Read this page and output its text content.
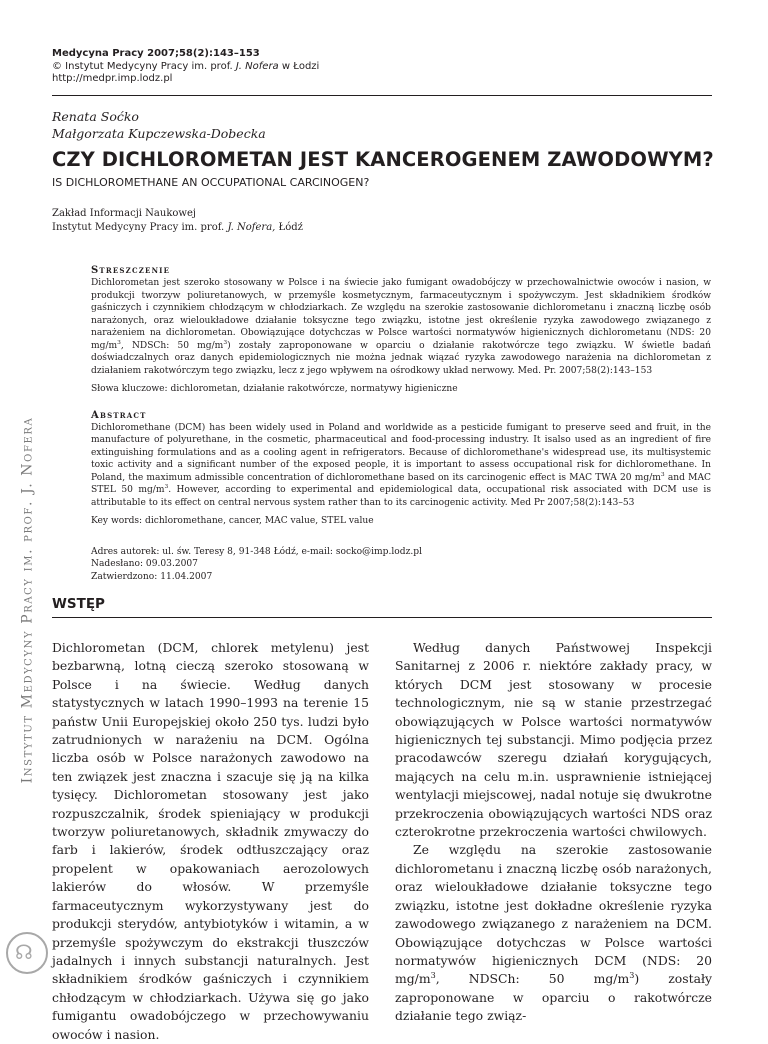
Medycyna Pracy 2007;58(2):143–153
© Instytut Medycyny Pracy im. prof. J. Nofera w Łodzi
http://medpr.imp.lodz.pl
Renata Soćko
Małgorzata Kupczewska-Dobecka
CZY DICHLOROMETAN JEST KANCEROGENEM ZAWODOWYM?
IS DICHLOROMETHANE AN OCCUPATIONAL CARCINOGEN?
Zakład Informacji Naukowej
Instytut Medycyny Pracy im. prof. J. Nofera, Łódź
Instytut Medycyny Pracy im. prof. J. Nofera
Streszczenie

Dichlorometan jest szeroko stosowany w Polsce i na świecie jako fumigant owadobójczy w przechowalnictwie owoców i nasion, w produkcji tworzyw poliuretanowych, w przemyśle kosmetycznym, farmaceutycznym i spożywczym. Jest składnikiem środków gaśniczych i czynnikiem chłodzącym w chłodziarkach. Ze względu na szerokie zastosowanie dichlorometanu i znaczną liczbę osób narażonych, oraz wieloukładowe działanie toksyczne tego związku, istotne jest określenie ryzyka zawodowego związanego z narażeniem na dichlorometan. Obowiązujące dotychczas w Polsce wartości normatywów higienicznych dichlorometanu (NDS: 20 $mg/m^3$, NDSCh: 50 $mg/m^3$) zostały zaproponowane w oparciu o działanie rakotwórcze tego związku. W świetle badań doświadczalnych oraz danych epidemiologicznych nie można jednak wiązać ryzyka zawodowego narażenia na dichlorometan z działaniem rakotwórczym tego związku, lecz z jego wpływem na ośrodkowy układ nerwowy. Med. Pr. 2007;58(2):143–153

Słowa kluczowe: dichlorometan, działanie rakotwórcze, normatywy higieniczne
Abstract

Dichloromethane (DCM) has been widely used in Poland and worldwide as a pesticide fumigant to preserve seed and fruit, in the manufacture of polyurethane, in the cosmetic, pharmaceutical and food-processing industry. It isalso used as an ingredient of fire extinguishing formulations and as a cooling agent in refrigerators. Because of dichloromethane's widespread use, its multisystemic toxic activity and a significant number of the exposed people, it is important to assess occupational risk for dichloromethane. In Poland, the maximum admissible concentration of dichloromethane based on its carcinogenic effect is MAC TWA 20 $mg/m^3$ and MAC STEL 50 $mg/m^3$. However, according to experimental and epidemiological data, occupational risk associated with DCM use is attributable to its effect on central nervous system rather than to its carcinogenic activity. Med Pr 2007;58(2):143–53

Key words: dichloromethane, cancer, MAC value, STEL value
Adres autorek: ul. św. Teresy 8, 91-348 Łódź, e-mail: socko@imp.lodz.pl
Nadesłano: 09.03.2007
Zatwierdzono: 11.04.2007
WSTĘP

Dichlorometan (DCM, chlorek metylenu) jest bezbarwną, lotną cieczą szeroko stosowaną w Polsce i na świecie. Według danych statystycznych w latach 1990–1993 na terenie 15 państw Unii Europejskiej około 250 tys. ludzi było zatrudnionych w narażeniu na DCM. Ogólna liczba osób w Polsce narażonych zawodowo na ten związek jest znaczna i szacuje się ją na kilka tysięcy. Dichlorometan stosowany jest jako rozpuszczalnik, środek spieniający w produkcji tworzyw poliuretanowych, składnik zmywaczy do farb i lakierów, środek odtłuszczający oraz propelent w opakowaniach aerozolowych lakierów do włosów. W przemyśle farmaceutycznym wykorzystywany jest do produkcji sterydów, antybiotyków i witamin, a w przemyśle spożywczym do ekstrakcji tłuszczów jadalnych i innych substancji naturalnych. Jest składnikiem środków gaśniczych i czynnikiem chłodzącym w chłodziarkach. Używa się go jako fumigantu owadobójczego w przechowywaniu owoców i nasion.

Według danych Państwowej Inspekcji Sanitarnej z 2006 r. niektóre zakłady pracy, w których DCM jest stosowany w procesie technologicznym, nie są w stanie przestrzegać obowiązujących w Polsce wartości normatywów higienicznych tej substancji. Mimo podjęcia przez pracodawców szeregu działań korygujących, mających na celu m.in. usprawnienie istniejącej wentylacji miejscowej, nadal notuje się dwukrotne przekroczenia obowiązujących wartości NDS oraz czterokrotne przekroczenia wartości chwilowych.

Ze względu na szerokie zastosowanie dichlorometanu i znaczną liczbę osób narażonych, oraz wieloukładowe działanie toksyczne tego związku, istotne jest dokładne określenie ryzyka zawodowego związanego z narażeniem na DCM. Obowiązujące dotychczas w Polsce wartości normatywów higienicznych DCM (NDS: 20 $mg/m^3$, NDSCh: 50 $mg/m^3$) zostały zaproponowane w oparciu o rakotwórcze działanie tego związ-

☊
